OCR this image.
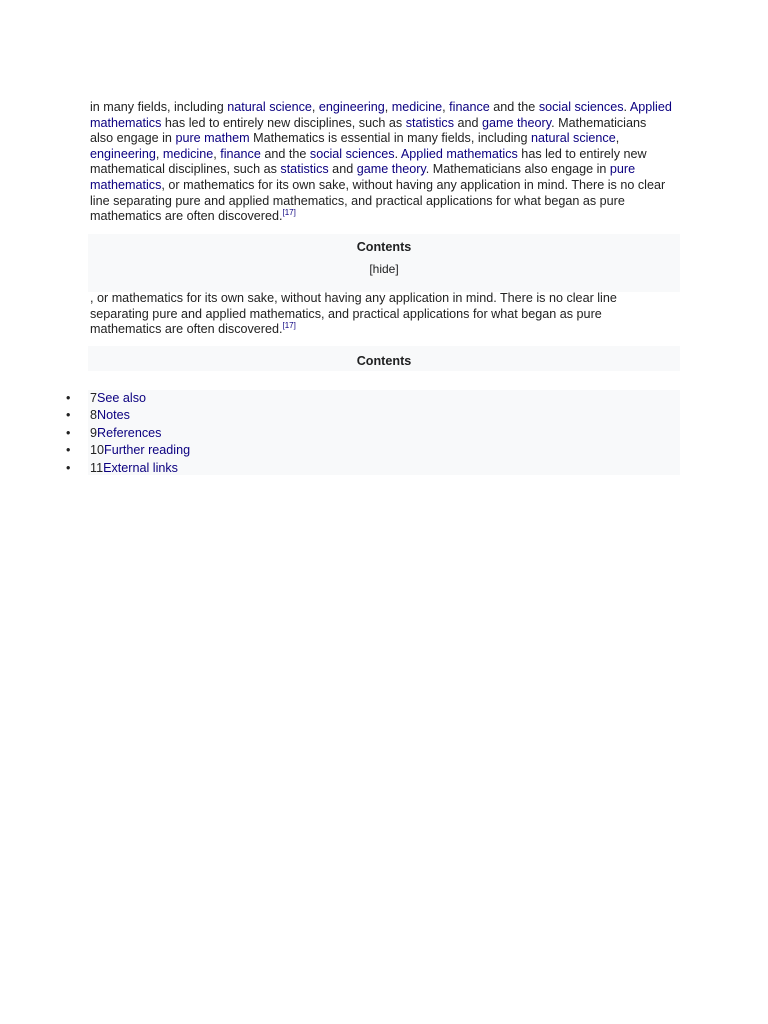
in many fields, including natural science, engineering, medicine, finance and the social sciences. Applied mathematics has led to entirely new disciplines, such as statistics and game theory. Mathematicians also engage in pure mathem Mathematics is essential in many fields, including natural science, engineering, medicine, finance and the social sciences. Applied mathematics has led to entirely new mathematical disciplines, such as statistics and game theory. Mathematicians also engage in pure mathematics, or mathematics for its own sake, without having any application in mind. There is no clear line separating pure and applied mathematics, and practical applications for what began as pure mathematics are often discovered.[17]
Contents
[hide]
, or mathematics for its own sake, without having any application in mind. There is no clear line separating pure and applied mathematics, and practical applications for what began as pure mathematics are often discovered.[17]
Contents
• 7See also
• 8Notes
• 9References
• 10Further reading
• 11External links
